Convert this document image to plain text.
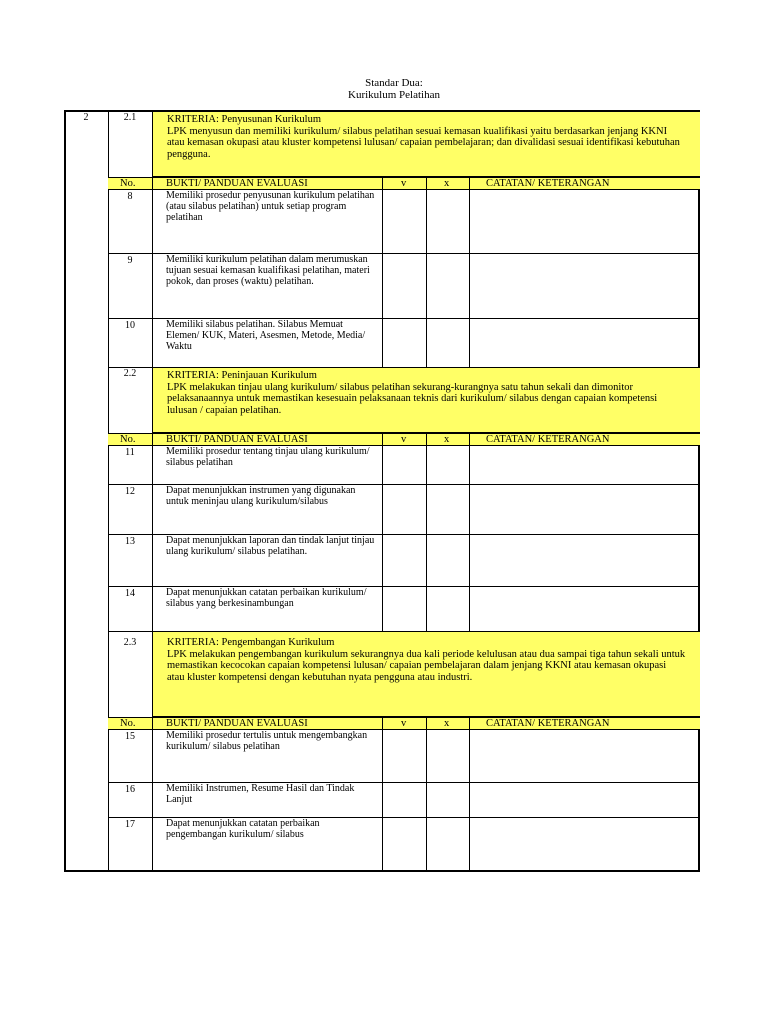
Standar Dua:
Kurikulum Pelatihan
2	2.1	KRITERIA: Penyusunan Kurikulum
LPK menyusun dan memiliki kurikulum/ silabus pelatihan sesuai kemasan kualifikasi yaitu berdasarkan jenjang KKNI atau kemasan okupasi atau kluster kompetensi lulusan/ capaian pembelajaran; dan divalidasi sesuai identifikasi kebutuhan pengguna.
No.	BUKTI/ PANDUAN EVALUASI	v	x	CATATAN/ KETERANGAN
8	Memiliki prosedur penyusunan kurikulum pelatihan (atau silabus pelatihan) untuk setiap program pelatihan
9	Memiliki kurikulum pelatihan dalam merumuskan tujuan sesuai kemasan kualifikasi pelatihan, materi pokok, dan proses (waktu) pelatihan.
10	Memiliki silabus pelatihan. Silabus Memuat Elemen/ KUK, Materi, Asesmen, Metode, Media/ Waktu
2.2	KRITERIA: Peninjauan Kurikulum
LPK melakukan tinjau ulang kurikulum/ silabus pelatihan sekurang-kurangnya satu tahun sekali dan dimonitor pelaksanaannya untuk memastikan kesesuain pelaksanaan teknis dari kurikulum/ silabus dengan capaian kompetensi lulusan / capaian pelatihan.
No.	BUKTI/ PANDUAN EVALUASI	v	x	CATATAN/ KETERANGAN
11	Memiliki prosedur tentang tinjau ulang kurikulum/ silabus pelatihan
12	Dapat menunjukkan instrumen yang digunakan untuk meninjau ulang kurikulum/silabus
13	Dapat menunjukkan laporan dan tindak lanjut tinjau ulang kurikulum/ silabus pelatihan.
14	Dapat menunjukkan catatan perbaikan kurikulum/ silabus yang berkesinambungan
2.3	KRITERIA: Pengembangan Kurikulum
LPK melakukan pengembangan kurikulum sekurangnya dua kali periode kelulusan atau dua sampai tiga tahun sekali untuk memastikan kecocokan capaian kompetensi lulusan/ capaian pembelajaran dalam jenjang KKNI atau kemasan okupasi atau kluster kompetensi dengan kebutuhan nyata pengguna atau industri.
No.	BUKTI/ PANDUAN EVALUASI	v	x	CATATAN/ KETERANGAN
15	Memiliki prosedur tertulis untuk mengembangkan kurikulum/ silabus pelatihan
16	Memiliki Instrumen, Resume Hasil dan Tindak Lanjut
17	Dapat menunjukkan catatan perbaikan pengembangan kurikulum/ silabus
